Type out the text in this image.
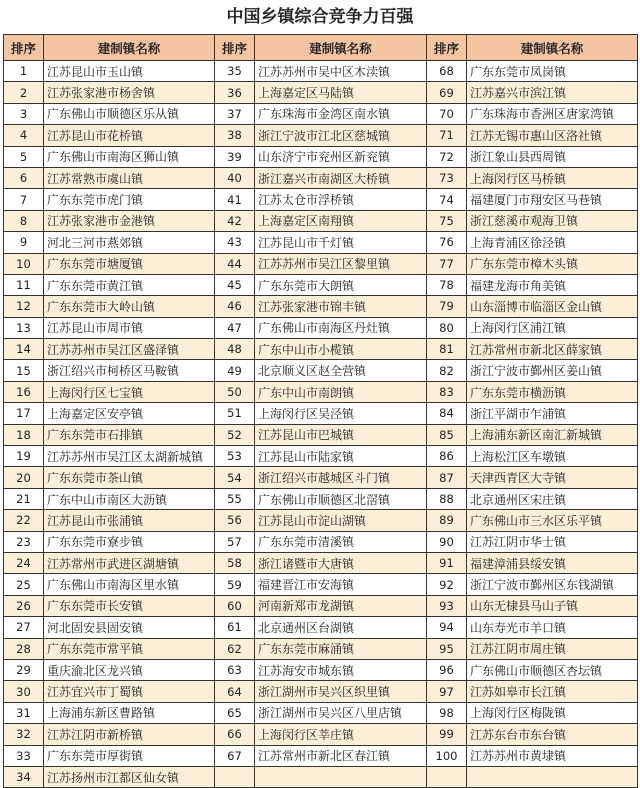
中国乡镇综合竞争力百强
排序	建制镇名称	排序	建制镇名称	排序	建制镇名称
1	江苏昆山市玉山镇	35	江苏苏州市吴中区木渎镇	68	广东东莞市凤岗镇
2	江苏张家港市杨舍镇	36	上海嘉定区马陆镇	69	江苏嘉兴市滨江镇
3	广东佛山市顺德区乐从镇	37	广东珠海市金湾区南水镇	70	广东珠海市香洲区唐家湾镇
4	江苏昆山市花桥镇	38	浙江宁波市江北区慈城镇	71	江苏无锡市惠山区洛社镇
5	广东佛山市南海区狮山镇	39	山东济宁市兖州区新兖镇	72	浙江象山县西周镇
6	江苏常熟市虞山镇	40	浙江嘉兴市南湖区大桥镇	73	上海闵行区马桥镇
7	广东东莞市虎门镇	41	江苏太仓市浮桥镇	74	福建厦门市翔安区马巷镇
8	江苏张家港市金港镇	42	上海嘉定区南翔镇	75	浙江慈溪市观海卫镇
9	河北三河市燕郊镇	43	江苏昆山市千灯镇	76	上海青浦区徐泾镇
10	广东东莞市塘厦镇	44	江苏苏州市吴江区黎里镇	77	广东东莞市樟木头镇
11	广东东莞市黄江镇	45	广东东莞市大朗镇	78	福建龙海市角美镇
12	广东东莞市大岭山镇	46	江苏张家港市锦丰镇	79	山东淄博市临淄区金山镇
13	江苏昆山市周市镇	47	广东佛山市南海区丹灶镇	80	上海闵行区浦江镇
14	江苏苏州市吴江区盛泽镇	48	广东中山市小榄镇	81	江苏常州市新北区薛家镇
15	浙江绍兴市柯桥区马鞍镇	49	北京顺义区赵全营镇	82	浙江宁波市鄞州区姜山镇
16	上海闵行区七宝镇	50	广东中山市南朗镇	83	广东东莞市横沥镇
17	上海嘉定区安亭镇	51	上海闵行区吴泾镇	84	浙江平湖市乍浦镇
18	广东东莞市石排镇	52	江苏昆山市巴城镇	85	上海浦东新区南汇新城镇
19	江苏苏州市吴江区太湖新城镇	53	江苏昆山市陆家镇	86	上海松江区车墩镇
20	广东东莞市茶山镇	54	浙江绍兴市越城区斗门镇	87	天津西青区大寺镇
21	广东中山市南区大沥镇	55	广东佛山市顺德区北滘镇	88	北京通州区宋庄镇
22	江苏昆山市张浦镇	56	江苏昆山市淀山湖镇	89	广东佛山市三水区乐平镇
23	广东东莞市寮步镇	57	广东东莞市清溪镇	90	江苏江阴市华士镇
24	江苏常州市武进区湖塘镇	58	浙江诸暨市大唐镇	91	福建漳浦县绥安镇
25	广东佛山市南海区里水镇	59	福建晋江市安海镇	92	浙江宁波市鄞州区东钱湖镇
26	广东东莞市长安镇	60	河南新郑市龙湖镇	93	山东无棣县马山子镇
27	河北固安县固安镇	61	北京通州区台湖镇	94	山东寿光市羊口镇
28	广东东莞市常平镇	62	广东东莞市麻涌镇	95	江苏江阴市周庄镇
29	重庆渝北区龙兴镇	63	江苏海安市城东镇	96	广东佛山市顺德区杏坛镇
30	江苏宜兴市丁蜀镇	64	浙江湖州市吴兴区织里镇	97	江苏如皋市长江镇
31	上海浦东新区曹路镇	65	浙江湖州市吴兴区八里店镇	98	上海闵行区梅陇镇
32	江苏江阴市新桥镇	66	上海闵行区莘庄镇	99	江苏东台市东台镇
33	广东东莞市厚街镇	67	江苏常州市新北区春江镇	100	江苏苏州市黄埭镇
34	江苏扬州市江都区仙女镇				
